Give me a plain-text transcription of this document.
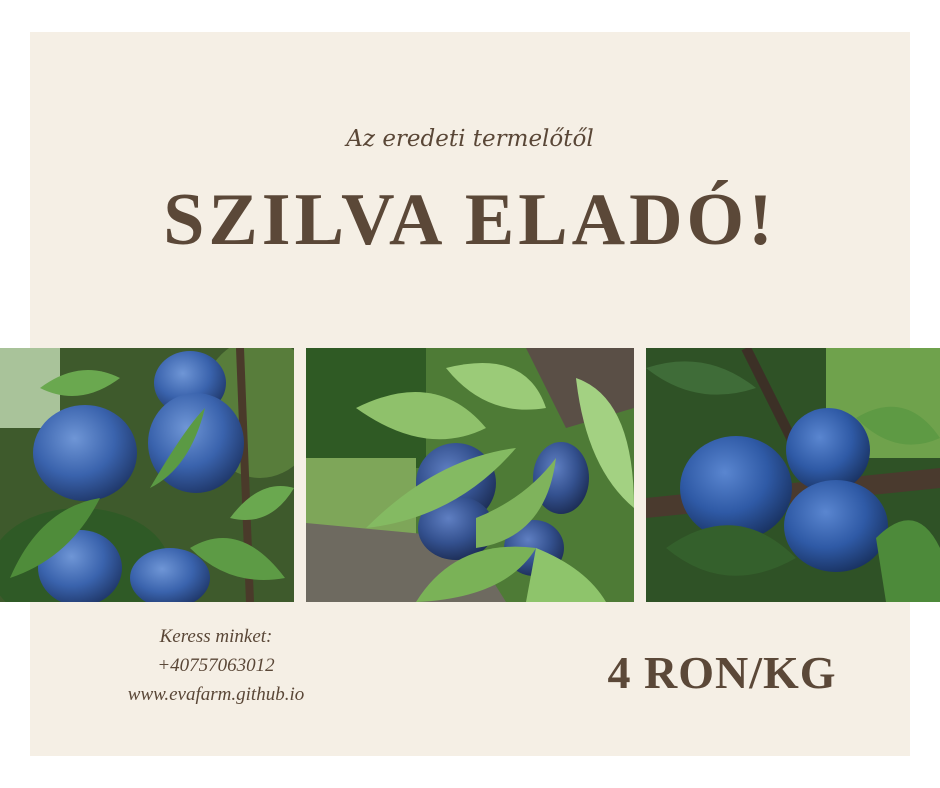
Az eredeti termelőtől
SZILVA ELADÓ!
Keress minket:
+40757063012
www.evafarm.github.io	4 RON/KG
